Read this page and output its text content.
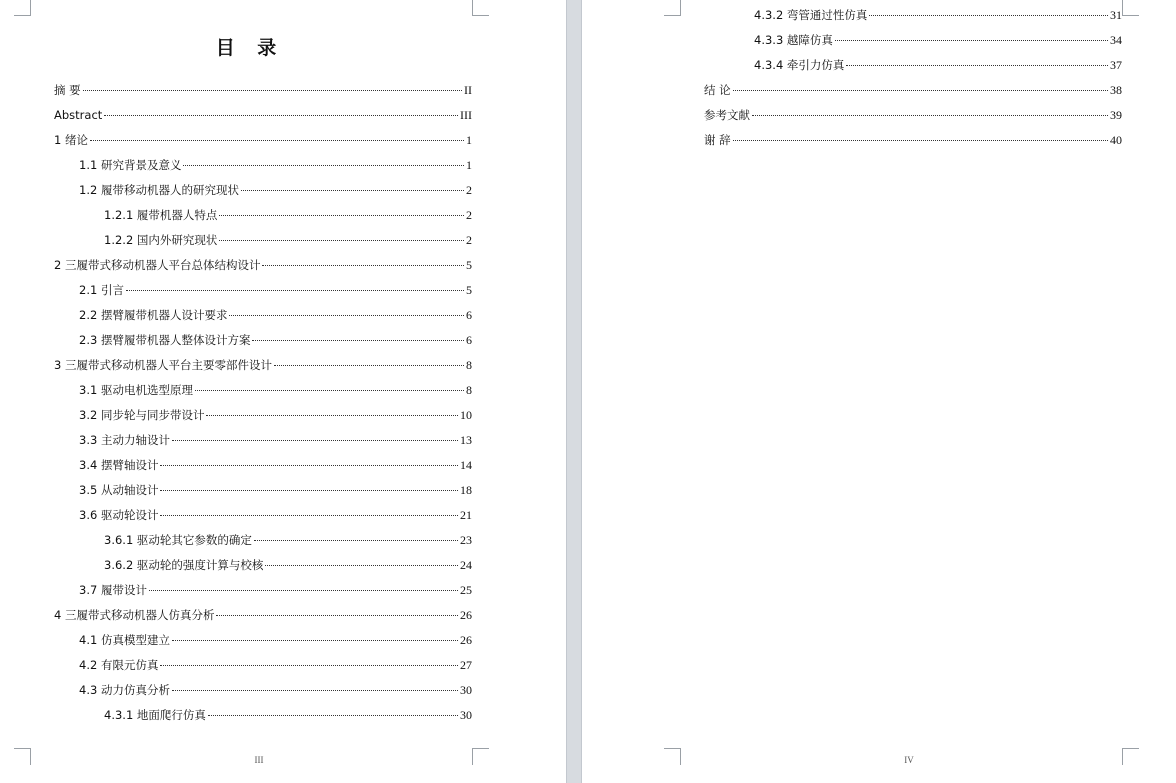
目 录
摘 要	II
Abstract	III
1 绪论	1
1.1 研究背景及意义	1
1.2 履带移动机器人的研究现状	2
1.2.1 履带机器人特点	2
1.2.2 国内外研究现状	2
2 三履带式移动机器人平台总体结构设计	5
2.1 引言	5
2.2 摆臂履带机器人设计要求	6
2.3 摆臂履带机器人整体设计方案	6
3 三履带式移动机器人平台主要零部件设计	8
3.1 驱动电机选型原理	8
3.2 同步轮与同步带设计	10
3.3 主动力轴设计	13
3.4 摆臂轴设计	14
3.5 从动轴设计	18
3.6 驱动轮设计	21
3.6.1 驱动轮其它参数的确定	23
3.6.2 驱动轮的强度计算与校核	24
3.7 履带设计	25
4 三履带式移动机器人仿真分析	26
4.1 仿真模型建立	26
4.2 有限元仿真	27
4.3 动力仿真分析	30
4.3.1 地面爬行仿真	30
III	IV
4.3.2 弯管通过性仿真	31
4.3.3 越障仿真	34
4.3.4 牵引力仿真	37
结 论	38
参考文献	39
谢 辞	40
